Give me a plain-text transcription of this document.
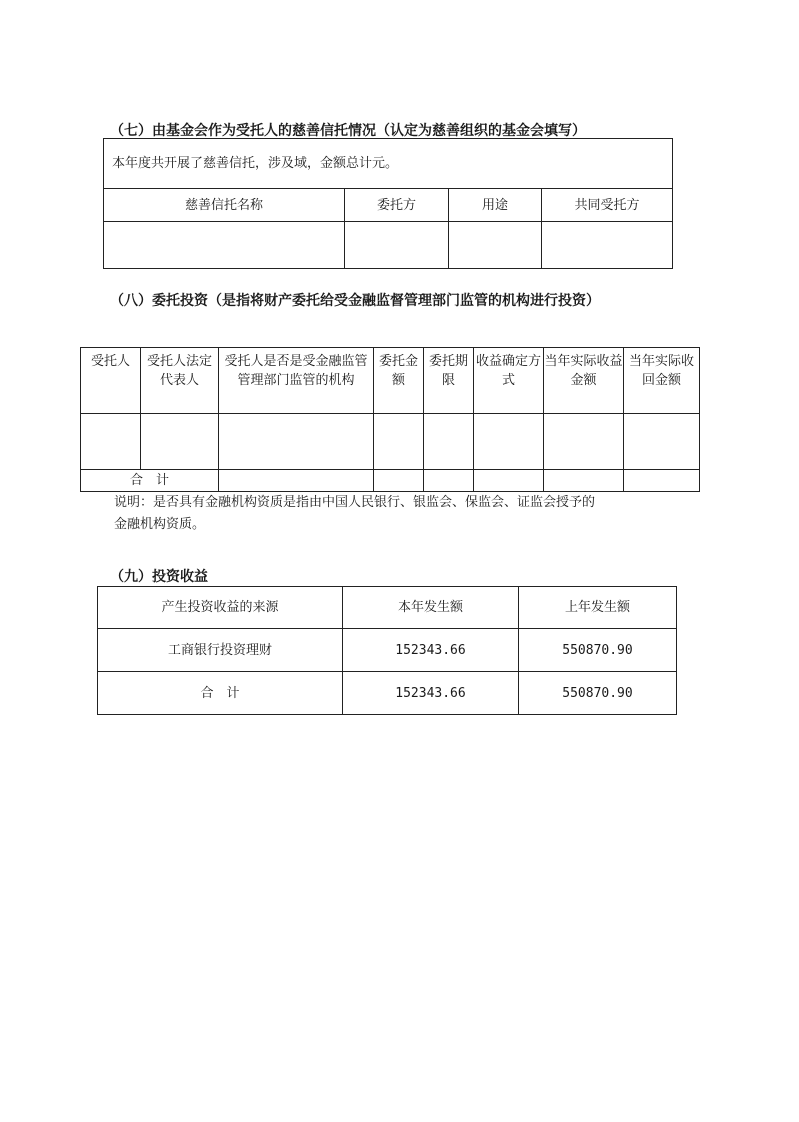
（七）由基金会作为受托人的慈善信托情况（认定为慈善组织的基金会填写）
本年度共开展了慈善信托，涉及域，金额总计元。			
慈善信托名称	委托方	用途	共同受托方

（八）委托投资（是指将财产委托给受金融监督管理部门监管的机构进行投资）
受托人	受托人法定代表人	受托人是否是受金融监管管理部门监管的机构	委托金额	委托期限	收益确定方式	当年实际收益金额	当年实际收回金额

合　计							
说明：是否具有金融机构资质是指由中国人民银行、银监会、保监会、证监会授予的
金融机构资质。
（九）投资收益
产生投资收益的来源	本年发生额	上年发生额
工商银行投资理财	152343.66	550870.90
合　计	152343.66	550870.90
